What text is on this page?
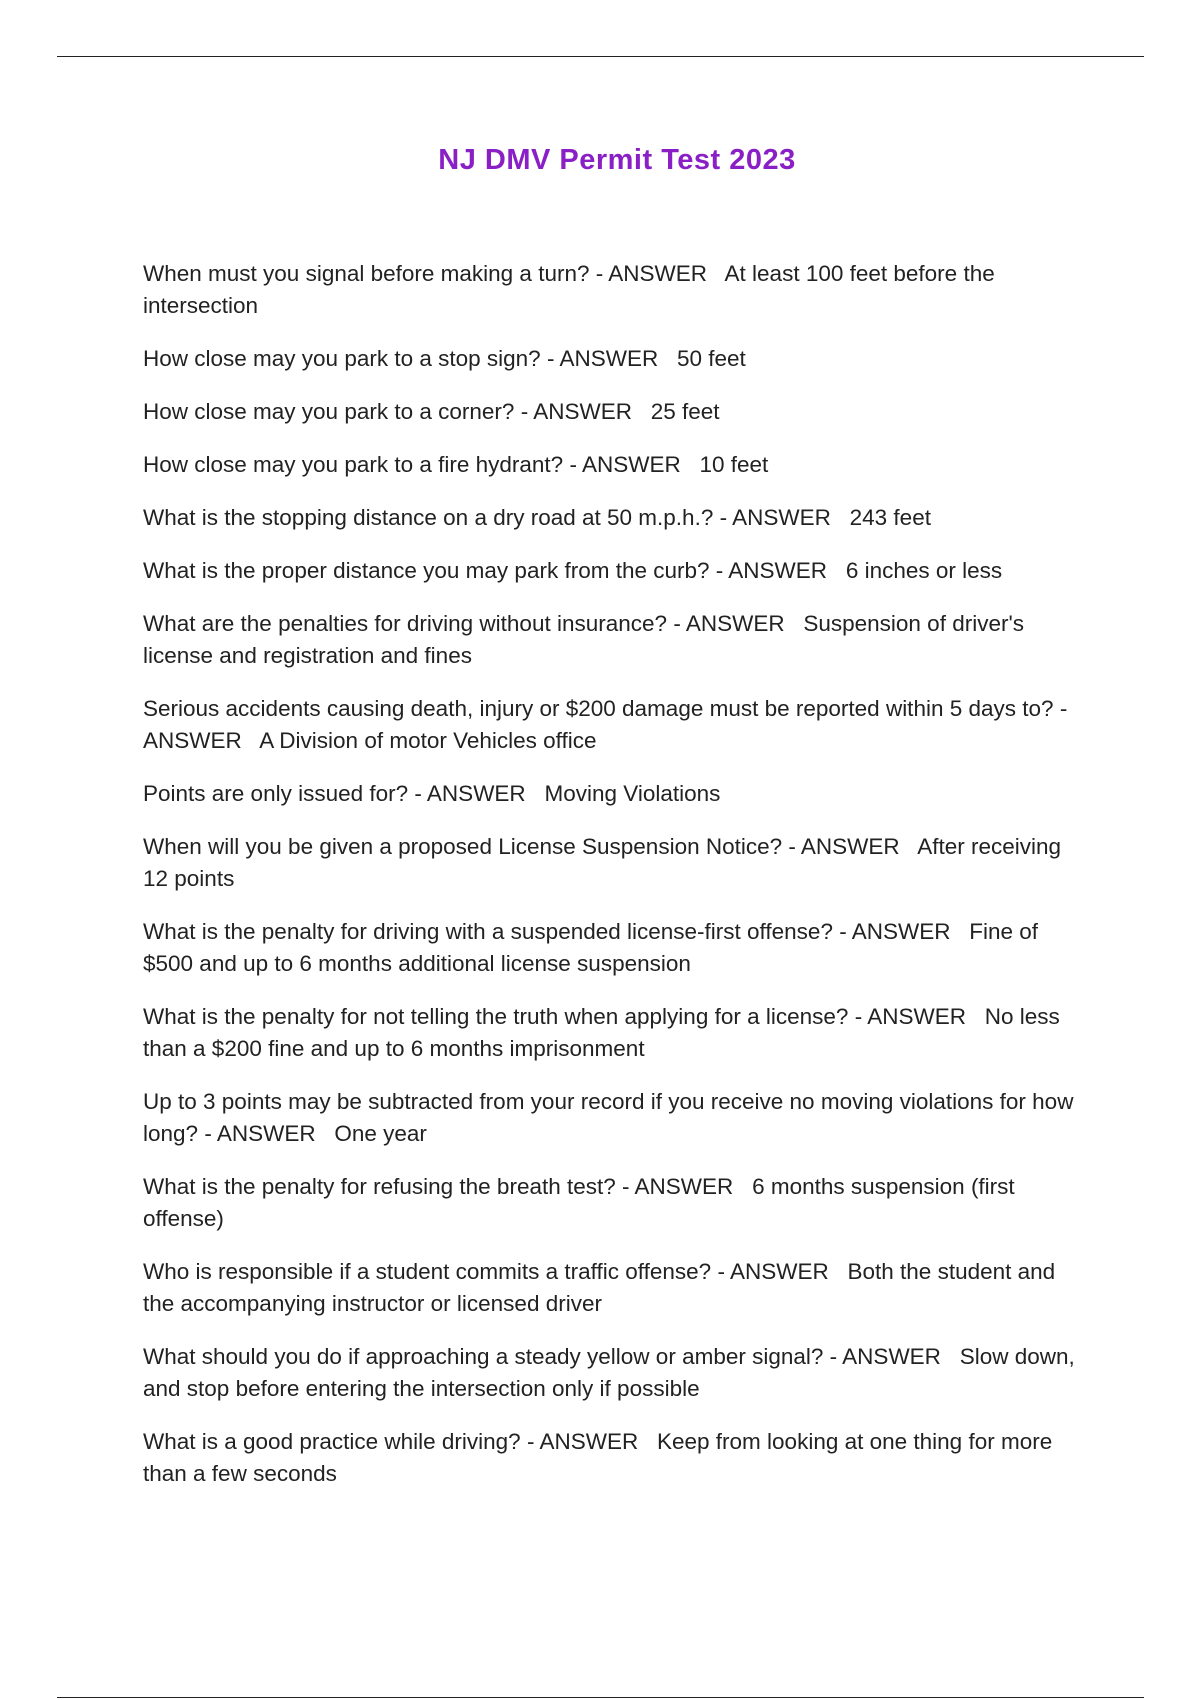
NJ DMV Permit Test 2023
When must you signal before making a turn? - ANSWER At least 100 feet before the intersection
How close may you park to a stop sign? - ANSWER 50 feet
How close may you park to a corner? - ANSWER 25 feet
How close may you park to a fire hydrant? - ANSWER 10 feet
What is the stopping distance on a dry road at 50 m.p.h.? - ANSWER 243 feet
What is the proper distance you may park from the curb? - ANSWER 6 inches or less
What are the penalties for driving without insurance? - ANSWER Suspension of driver's license and registration and fines
Serious accidents causing death, injury or $200 damage must be reported within 5 days to? - ANSWER A Division of motor Vehicles office
Points are only issued for? - ANSWER Moving Violations
When will you be given a proposed License Suspension Notice? - ANSWER After receiving 12 points
What is the penalty for driving with a suspended license-first offense? - ANSWER Fine of $500 and up to 6 months additional license suspension
What is the penalty for not telling the truth when applying for a license? - ANSWER No less than a $200 fine and up to 6 months imprisonment
Up to 3 points may be subtracted from your record if you receive no moving violations for how long? - ANSWER One year
What is the penalty for refusing the breath test? - ANSWER 6 months suspension (first offense)
Who is responsible if a student commits a traffic offense? - ANSWER Both the student and the accompanying instructor or licensed driver
What should you do if approaching a steady yellow or amber signal? - ANSWER Slow down, and stop before entering the intersection only if possible
What is a good practice while driving? - ANSWER Keep from looking at one thing for more than a few seconds
